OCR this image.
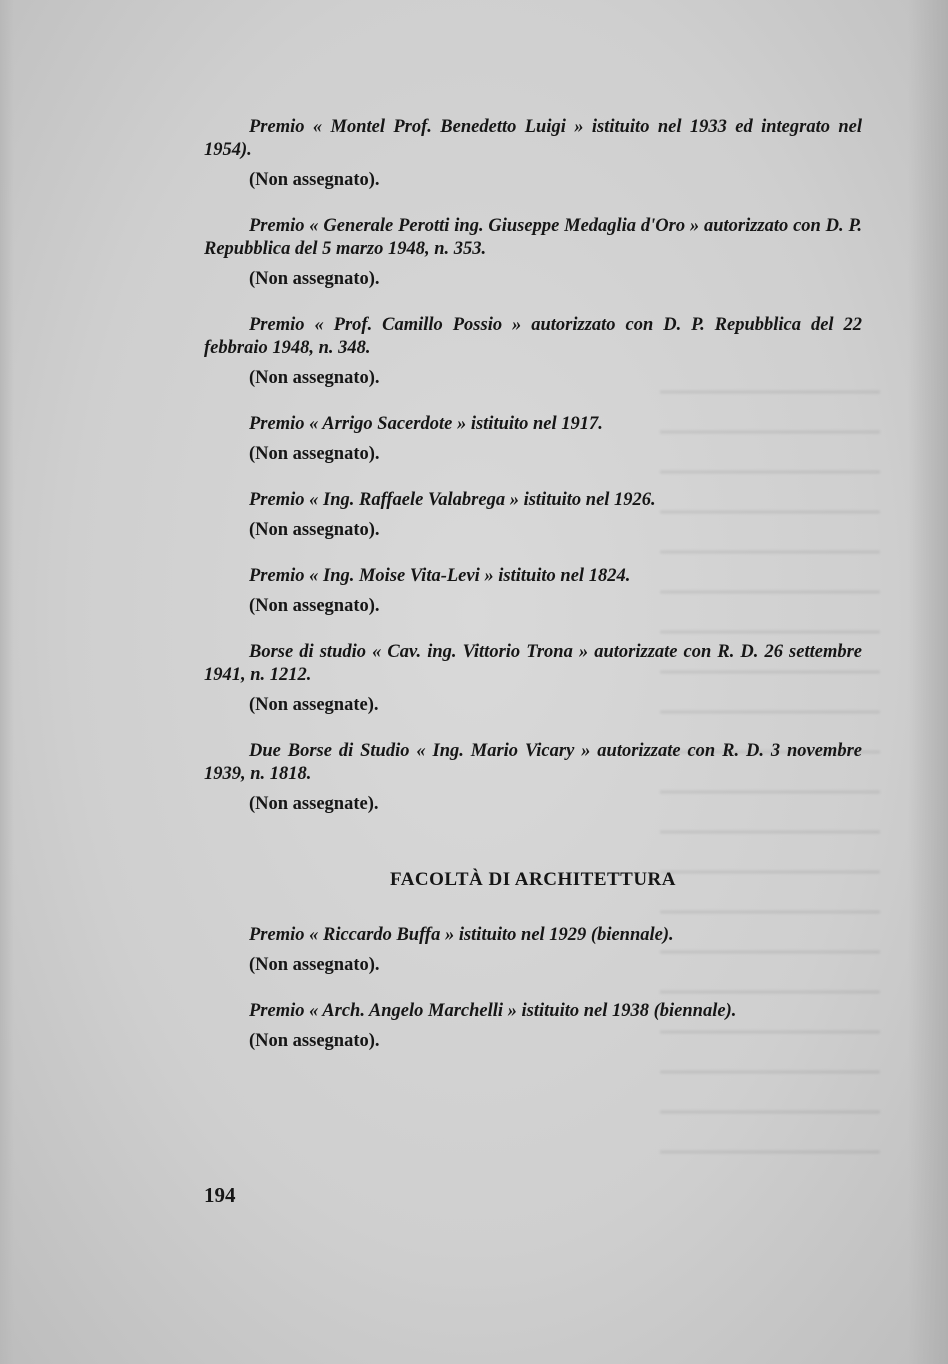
Premio « Montel Prof. Benedetto Luigi » istituito nel 1933 ed integrato nel 1954).

(Non assegnato).

Premio « Generale Perotti ing. Giuseppe Medaglia d'Oro » autorizzato con D. P. Repubblica del 5 marzo 1948, n. 353.

(Non assegnato).

Premio « Prof. Camillo Possio » autorizzato con D. P. Repubblica del 22 febbraio 1948, n. 348.

(Non assegnato).

Premio « Arrigo Sacerdote » istituito nel 1917.

(Non assegnato).

Premio « Ing. Raffaele Valabrega » istituito nel 1926.

(Non assegnato).

Premio « Ing. Moise Vita-Levi » istituito nel 1824.

(Non assegnato).

Borse di studio « Cav. ing. Vittorio Trona » autorizzate con R. D. 26 settembre 1941, n. 1212.

(Non assegnate).

Due Borse di Studio « Ing. Mario Vicary » autorizzate con R. D. 3 novembre 1939, n. 1818.

(Non assegnate).

FACOLTÀ DI ARCHITETTURA

Premio « Riccardo Buffa » istituito nel 1929 (biennale).

(Non assegnato).

Premio « Arch. Angelo Marchelli » istituito nel 1938 (biennale).

(Non assegnato).

194
